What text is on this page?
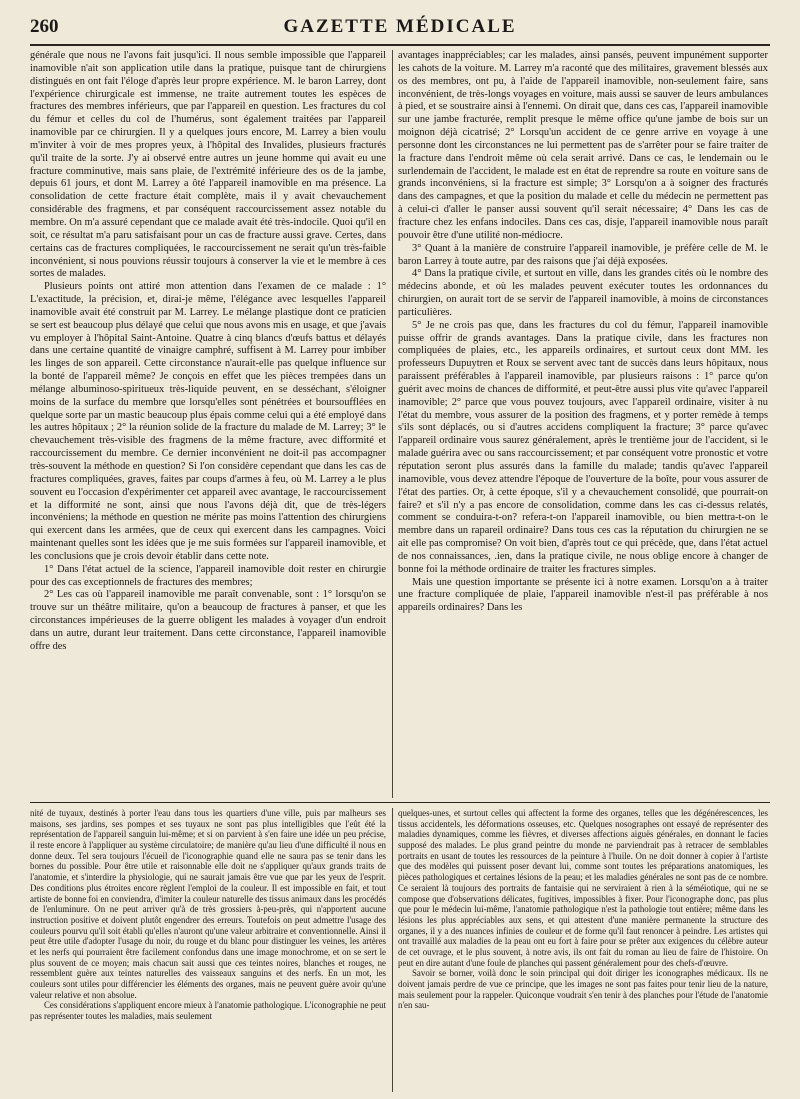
260	GAZETTE MÉDICALE

générale que nous ne l'avons fait jusqu'ici. Il nous semble impossible que l'appareil inamovible n'ait son application utile dans la pratique, puisque tant de chirurgiens distingués en ont fait l'éloge d'après leur propre expérience. M. le baron Larrey, dont l'expérience chirurgicale est immense, ne traite autrement toutes les espèces de fractures des membres inférieurs, que par l'appareil en question. Les fractures du col du fémur et celles du col de l'humérus, sont également traitées par l'appareil inamovible par ce chirurgien. Il y a quelques jours encore, M. Larrey a bien voulu m'inviter à voir de mes propres yeux, à l'hôpital des Invalides, plusieurs fracturés qu'il traite de la sorte. J'y ai observé entre autres un jeune homme qui avait eu une fracture comminutive, mais sans plaie, de l'extrémité inférieure des os de la jambe, depuis 61 jours, et dont M. Larrey a ôté l'appareil inamovible en ma présence. La consolidation de cette fracture était complète, mais il y avait chevauchement considérable des fragmens, et par conséquent raccourcissement assez notable du membre. On m'a assuré cependant que ce malade avait été très-indocile. Quoi qu'il en soit, ce résultat m'a paru satisfaisant pour un cas de fracture aussi grave. Certes, dans certains cas de fractures compliquées, le raccourcissement ne serait qu'un très-faible inconvénient, si nous pouvions réussir toujours à conserver la vie et le membre à ces sortes de malades.

Plusieurs points ont attiré mon attention dans l'examen de ce malade : 1° L'exactitude, la précision, et, dirai-je même, l'élégance avec lesquelles l'appareil inamovible avait été construit par M. Larrey. Le mélange plastique dont ce praticien se sert est beaucoup plus délayé que celui que nous avons mis en usage, et que j'avais vu employer à l'hôpital Saint-Antoine. Quatre à cinq blancs d'œufs battus et délayés dans une certaine quantité de vinaigre camphré, suffisent à M. Larrey pour imbiber les linges de son appareil. Cette circonstance n'aurait-elle pas quelque influence sur la bonté de l'appareil même? Je conçois en effet que les pièces trempées dans un mélange albuminoso-spiritueux très-liquide peuvent, en se desséchant, s'éloigner moins de la surface du membre que lorsqu'elles sont pénétrées et boursoufflées en quelque sorte par un mastic beaucoup plus épais comme celui qui a été employé dans les autres hôpitaux ; 2° la réunion solide de la fracture du malade de M. Larrey; 3° le chevauchement très-visible des fragmens de la même fracture, avec difformité et raccourcissement du membre. Ce dernier inconvénient ne doit-il pas accompagner très-souvent la méthode en question? Si l'on considère cependant que dans les cas de fractures compliquées, graves, faites par coups d'armes à feu, où M. Larrey a le plus souvent eu l'occasion d'expérimenter cet appareil avec avantage, le raccourcissement et la difformité ne sont, ainsi que nous l'avons déjà dit, que de très-légers inconvéniens; la méthode en question ne mérite pas moins l'attention des chirurgiens qui exercent dans les armées, que de ceux qui exercent dans les campagnes. Voici maintenant quelles sont les idées que je me suis formées sur l'appareil inamovible, et les conclusions que je crois devoir établir dans cette note.

1° Dans l'état actuel de la science, l'appareil inamovible doit rester en chirurgie pour des cas exceptionnels de fractures des membres;

2° Les cas où l'appareil inamovible me paraît convenable, sont : 1° lorsqu'on se trouve sur un théâtre militaire, qu'on a beaucoup de fractures à panser, et que les circonstances impérieuses de la guerre obligent les malades à voyager d'un endroit dans un autre, durant leur traitement. Dans cette circonstance, l'appareil inamovible offre des

avantages inappréciables; car les malades, ainsi pansés, peuvent impunément supporter les cahots de la voiture. M. Larrey m'a raconté que des militaires, gravement blessés aux os des membres, ont pu, à l'aide de l'appareil inamovible, non-seulement faire, sans inconvénient, de très-longs voyages en voiture, mais aussi se sauver de leurs ambulances à pied, et se soustraire ainsi à l'ennemi. On dirait que, dans ces cas, l'appareil inamovible sur une jambe fracturée, remplit presque le même office qu'une jambe de bois sur un moignon déjà cicatrisé; 2° Lorsqu'un accident de ce genre arrive en voyage à une personne dont les circonstances ne lui permettent pas de s'arrêter pour se faire traiter de la fracture dans l'endroit même où cela serait arrivé. Dans ce cas, le lendemain ou le surlendemain de l'accident, le malade est en état de reprendre sa route en voiture sans de grands inconvéniens, si la fracture est simple; 3° Lorsqu'on a à soigner des fracturés dans des campagnes, et que la position du malade et celle du médecin ne permettent pas à celui-ci d'aller le panser aussi souvent qu'il serait nécessaire; 4° Dans les cas de fracture chez les enfans indociles. Dans ces cas, disje, l'appareil inamovible nous paraît pouvoir être d'une utilité non-médiocre.

3° Quant à la manière de construire l'appareil inamovible, je préfère celle de M. le baron Larrey à toute autre, par des raisons que j'ai déjà exposées.

4° Dans la pratique civile, et surtout en ville, dans les grandes cités où le nombre des médecins abonde, et où les malades peuvent exécuter toutes les ordonnances du chirurgien, on aurait tort de se servir de l'appareil inamovible, à moins de circonstances particulières.

5° Je ne crois pas que, dans les fractures du col du fémur, l'appareil inamovible puisse offrir de grands avantages. Dans la pratique civile, dans les fractures non compliquées de plaies, etc., les appareils ordinaires, et surtout ceux dont MM. les professeurs Dupuytren et Roux se servent avec tant de succès dans leurs hôpitaux, nous paraissent préférables à l'appareil inamovible, par plusieurs raisons : 1° parce qu'on guérit avec moins de chances de difformité, et peut-être aussi plus vite qu'avec l'appareil inamovible; 2° parce que vous pouvez toujours, avec l'appareil ordinaire, visiter à nu l'état du membre, vous assurer de la position des fragmens, et y porter remède à temps s'ils sont déplacés, ou si d'autres accidens compliquent la fracture; 3° parce qu'avec l'appareil ordinaire vous saurez généralement, après le trentième jour de l'accident, si le malade guérira avec ou sans raccourcissement; et par conséquent votre pronostic et votre réputation seront plus assurés dans la famille du malade; tandis qu'avec l'appareil inamovible, vous devez attendre l'époque de l'ouverture de la boîte, pour vous assurer de l'état des parties. Or, à cette époque, s'il y a chevauchement consolidé, que pourrait-on faire? et s'il n'y a pas encore de consolidation, comme dans les cas ci-dessus relatés, comment se conduira-t-on? refera-t-on l'appareil inamovible, ou bien mettra-t-on le membre dans un rapareil ordinaire? Dans tous ces cas la réputation du chirurgien ne se ait elle pas compromise? On voit bien, d'après tout ce qui précède, que, dans l'état actuel de nos connaissances, .ien, dans la pratique civile, ne nous oblige encore à changer de bonne foi la méthode ordinaire de traiter les fractures simples.

Mais une question importante se présente ici à notre examen. Lorsqu'on a à traiter une fracture compliquée de plaie, l'appareil inamovible n'est-il pas préférable à nos appareils ordinaires? Dans les

nité de tuyaux, destinés à porter l'eau dans tous les quartiers d'une ville, puis par malheurs ses maisons, ses jardins, ses pompes et ses tuyaux ne sont pas plus intelligibles que l'eût été la représentation de l'appareil sanguin lui-même; et si on parvient à s'en faire une idée un peu précise, il reste encore à l'appliquer au système circulatoire; de manière qu'au lieu d'une difficulté il nous en donne deux. Tel sera toujours l'écueil de l'iconographie quand elle ne saura pas se tenir dans les bornes du possible. Pour être utile et raisonnable elle doit ne s'appliquer qu'aux grands traits de l'anatomie, et s'interdire la physiologie, qui ne saurait jamais être vue que par les yeux de l'esprit. Des conditions plus étroites encore règlent l'emploi de la couleur. Il est impossible en fait, et tout artiste de bonne foi en conviendra, d'imiter la couleur naturelle des tissus animaux dans les procédés de l'enluminure. On ne peut arriver qu'à de très grossiers à-peu-près, qui n'apportent aucune instruction positive et doivent plutôt engendrer des erreurs. Toutefois on peut admettre l'usage des couleurs pourvu qu'il soit établi qu'elles n'auront qu'une valeur arbitraire et conventionnelle. Ainsi il peut être utile d'adopter l'usage du noir, du rouge et du blanc pour distinguer les veines, les artères et les nerfs qui pourraient être facilement confondus dans une image monochrome, et on se sert le plus souvent de ce moyen; mais chacun sait aussi que ces teintes noires, blanches et rouges, ne ressemblent guère aux teintes naturelles des vaisseaux sanguins et des nerfs. En un mot, les couleurs sont utiles pour différencier les éléments des organes, mais ne peuvent guère avoir qu'une valeur relative et non absolue.

Ces considérations s'appliquent encore mieux à l'anatomie pathologique. L'iconographie ne peut pas représenter toutes les maladies, mais seulement

quelques-unes, et surtout celles qui affectent la forme des organes, telles que les dégénérescences, les tissus accidentels, les déformations osseuses, etc. Quelques nosographes ont essayé de représenter des maladies dynamiques, comme les fièvres, et diverses affections aiguës générales, en donnant le facies supposé des malades. Le plus grand peintre du monde ne parviendrait pas à retracer de semblables portraits en usant de toutes les ressources de la peinture à l'huile. On ne doit donner à copier à l'artiste que des modèles qui puissent poser devant lui, comme sont toutes les préparations anatomiques, les pièces pathologiques et certaines lésions de la peau; et les maladies générales ne sont pas de ce nombre. Ce seraient là toujours des portraits de fantaisie qui ne serviraient à rien à la séméiotique, qui ne se compose que d'observations délicates, fugitives, impossibles à fixer. Pour l'iconographe donc, pas plus que pour le médecin lui-même, l'anatomie pathologique n'est la pathologie tout entière; même dans les lésions les plus appréciables aux sens, et qui attestent d'une manière permanente la structure des organes, il y a des nuances infinies de couleur et de forme qu'il faut renoncer à peindre. Les artistes qui ont travaillé aux maladies de la peau ont eu fort à faire pour se prêter aux exigences du célèbre auteur de cet ouvrage, et le plus souvent, à notre avis, ils ont fait du roman au lieu de faire de l'histoire. On peut en dire autant d'une foule de planches qui passent généralement pour des chefs-d'œuvre.

Savoir se borner, voilà donc le soin principal qui doit diriger les iconographes médicaux. Ils ne doivent jamais perdre de vue ce principe, que les images ne sont pas faites pour tenir lieu de la nature, mais seulement pour la rappeler. Quiconque voudrait s'en tenir à des planches pour l'étude de l'anatomie n'en sau-
